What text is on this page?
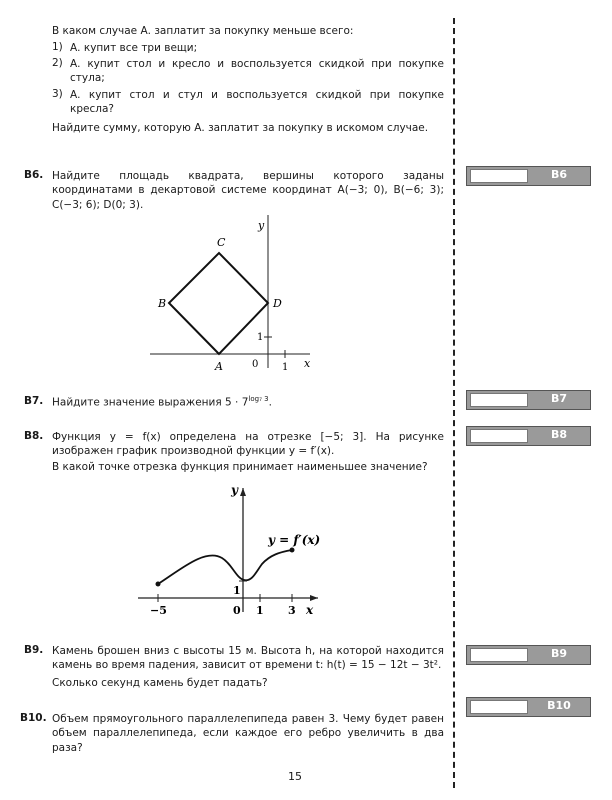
В каком случае А. заплатит за покупку меньше всего:
1) А. купит все три вещи;
2) А. купит стол и кресло и воспользуется скидкой при покупке стула;
3) А. купит стол и стул и воспользуется скидкой при покупке кресла?
Найдите сумму, которую А. заплатит за покупку в искомом случае.
B6. Найдите площадь квадрата, вершины которого заданы координатами в декартовой системе координат A(−3; 0), B(−6; 3); C(−3; 6); D(0; 3).
C
B	D
A
y
x
0 1
1
B7. Найдите значение выражения $5 \cdot 7^{log_7 3}$.
B8. Функция y = f(x) определена на отрезке [−5; 3]. На рисунке изображен график производной функции y = f′(x).
В какой точке отрезка функция принимает наименьшее значение?
y = f′(x)
y
x
−5	0 1 3
1
B9. Камень брошен вниз с высоты 15 м. Высота h, на которой находится камень во время падения, зависит от времени t: h(t) = 15 − 12t − 3t².
Сколько секунд камень будет падать?
B10. Объем прямоугольного параллелепипеда равен 3. Чему будет равен объем параллелепипеда, если каждое его ребро увеличить в два раза?
B6
B7
B8
B9
B10
15
